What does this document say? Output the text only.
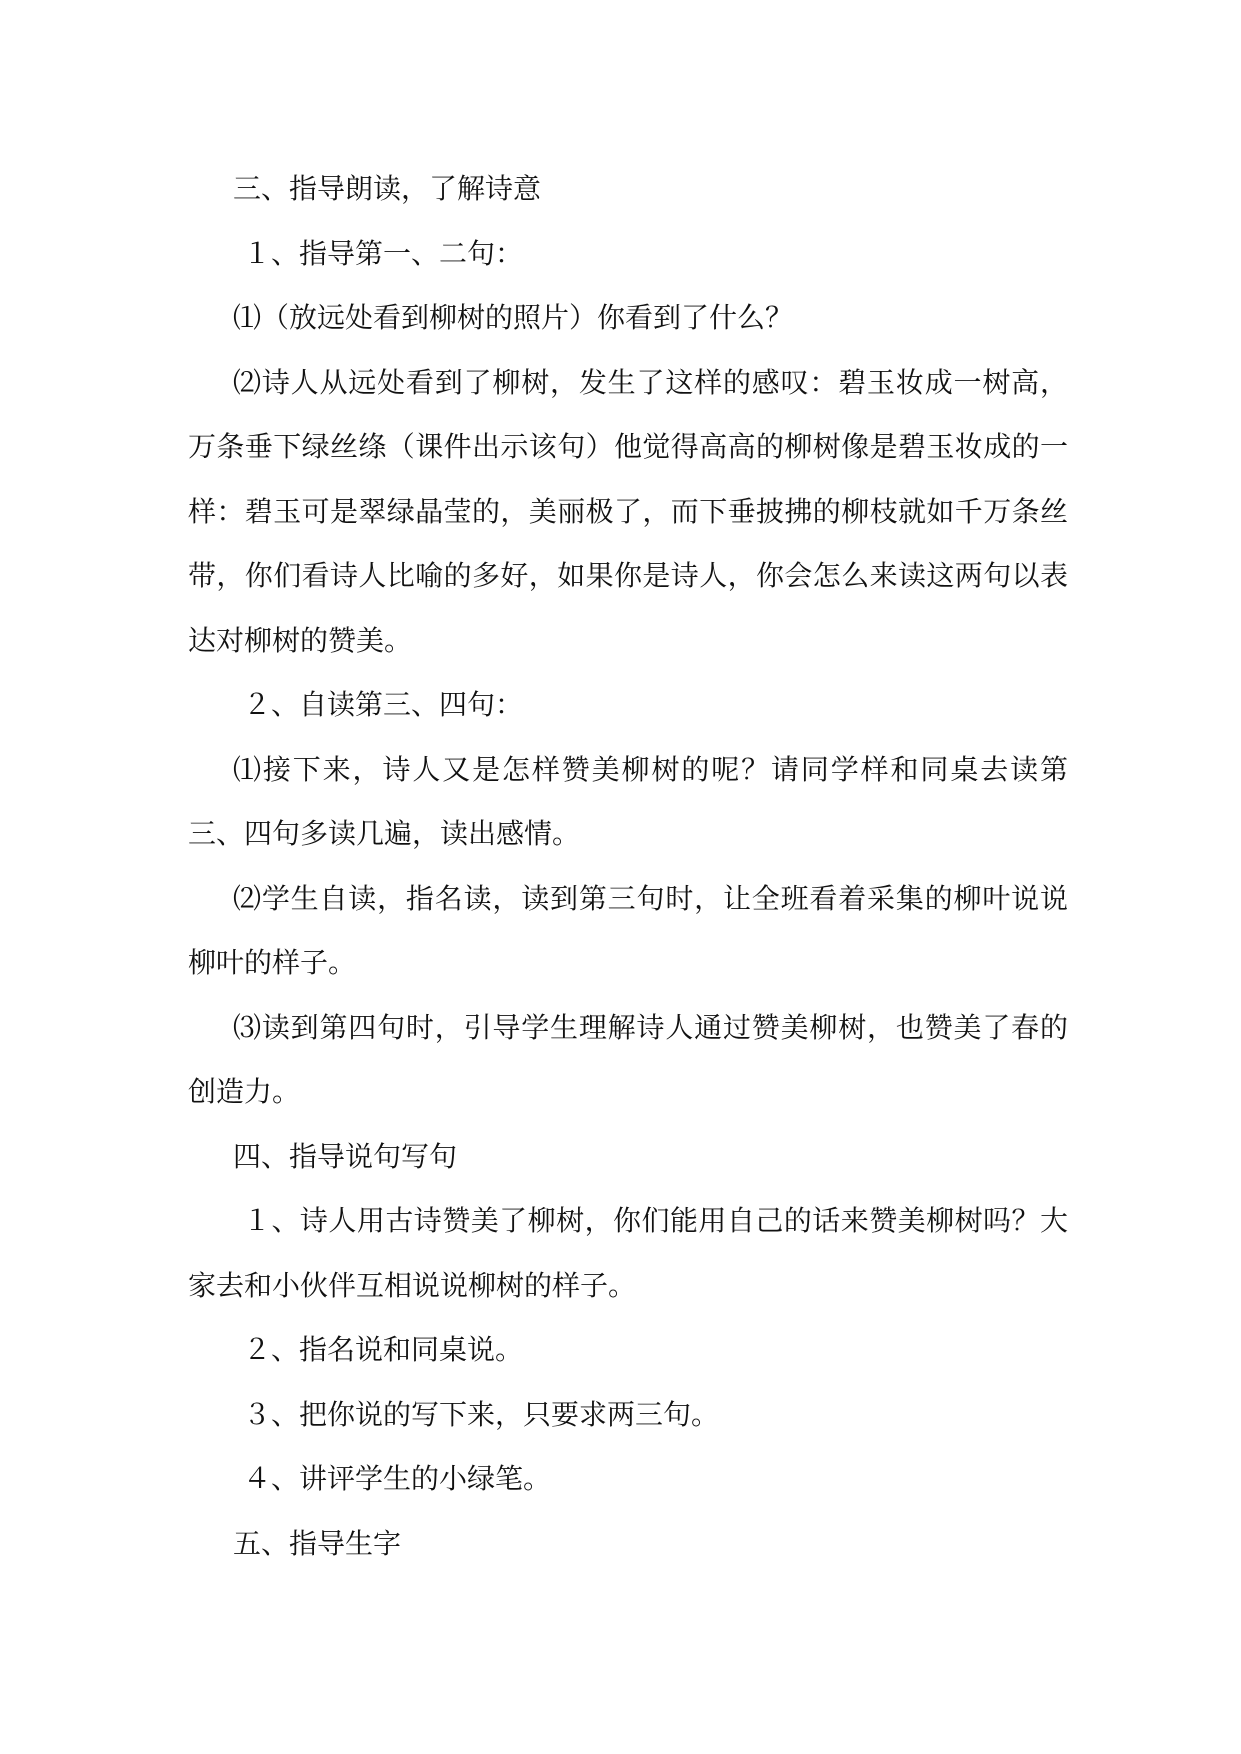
三、指导朗读，了解诗意

１、指导第一、二句：

⑴（放远处看到柳树的照片）你看到了什么？

⑵诗人从远处看到了柳树，发生了这样的感叹：碧玉妆成一树高，万条垂下绿丝绦（课件出示该句）他觉得高高的柳树像是碧玉妆成的一样：碧玉可是翠绿晶莹的，美丽极了，而下垂披拂的柳枝就如千万条丝带，你们看诗人比喻的多好，如果你是诗人，你会怎么来读这两句以表达对柳树的赞美。

２、自读第三、四句：

⑴接下来，诗人又是怎样赞美柳树的呢？请同学样和同桌去读第三、四句多读几遍，读出感情。

⑵学生自读，指名读，读到第三句时，让全班看着采集的柳叶说说柳叶的样子。

⑶读到第四句时，引导学生理解诗人通过赞美柳树，也赞美了春的创造力。

四、指导说句写句

１、诗人用古诗赞美了柳树，你们能用自己的话来赞美柳树吗？大家去和小伙伴互相说说柳树的样子。

２、指名说和同桌说。

３、把你说的写下来，只要求两三句。

４、讲评学生的小绿笔。

五、指导生字
